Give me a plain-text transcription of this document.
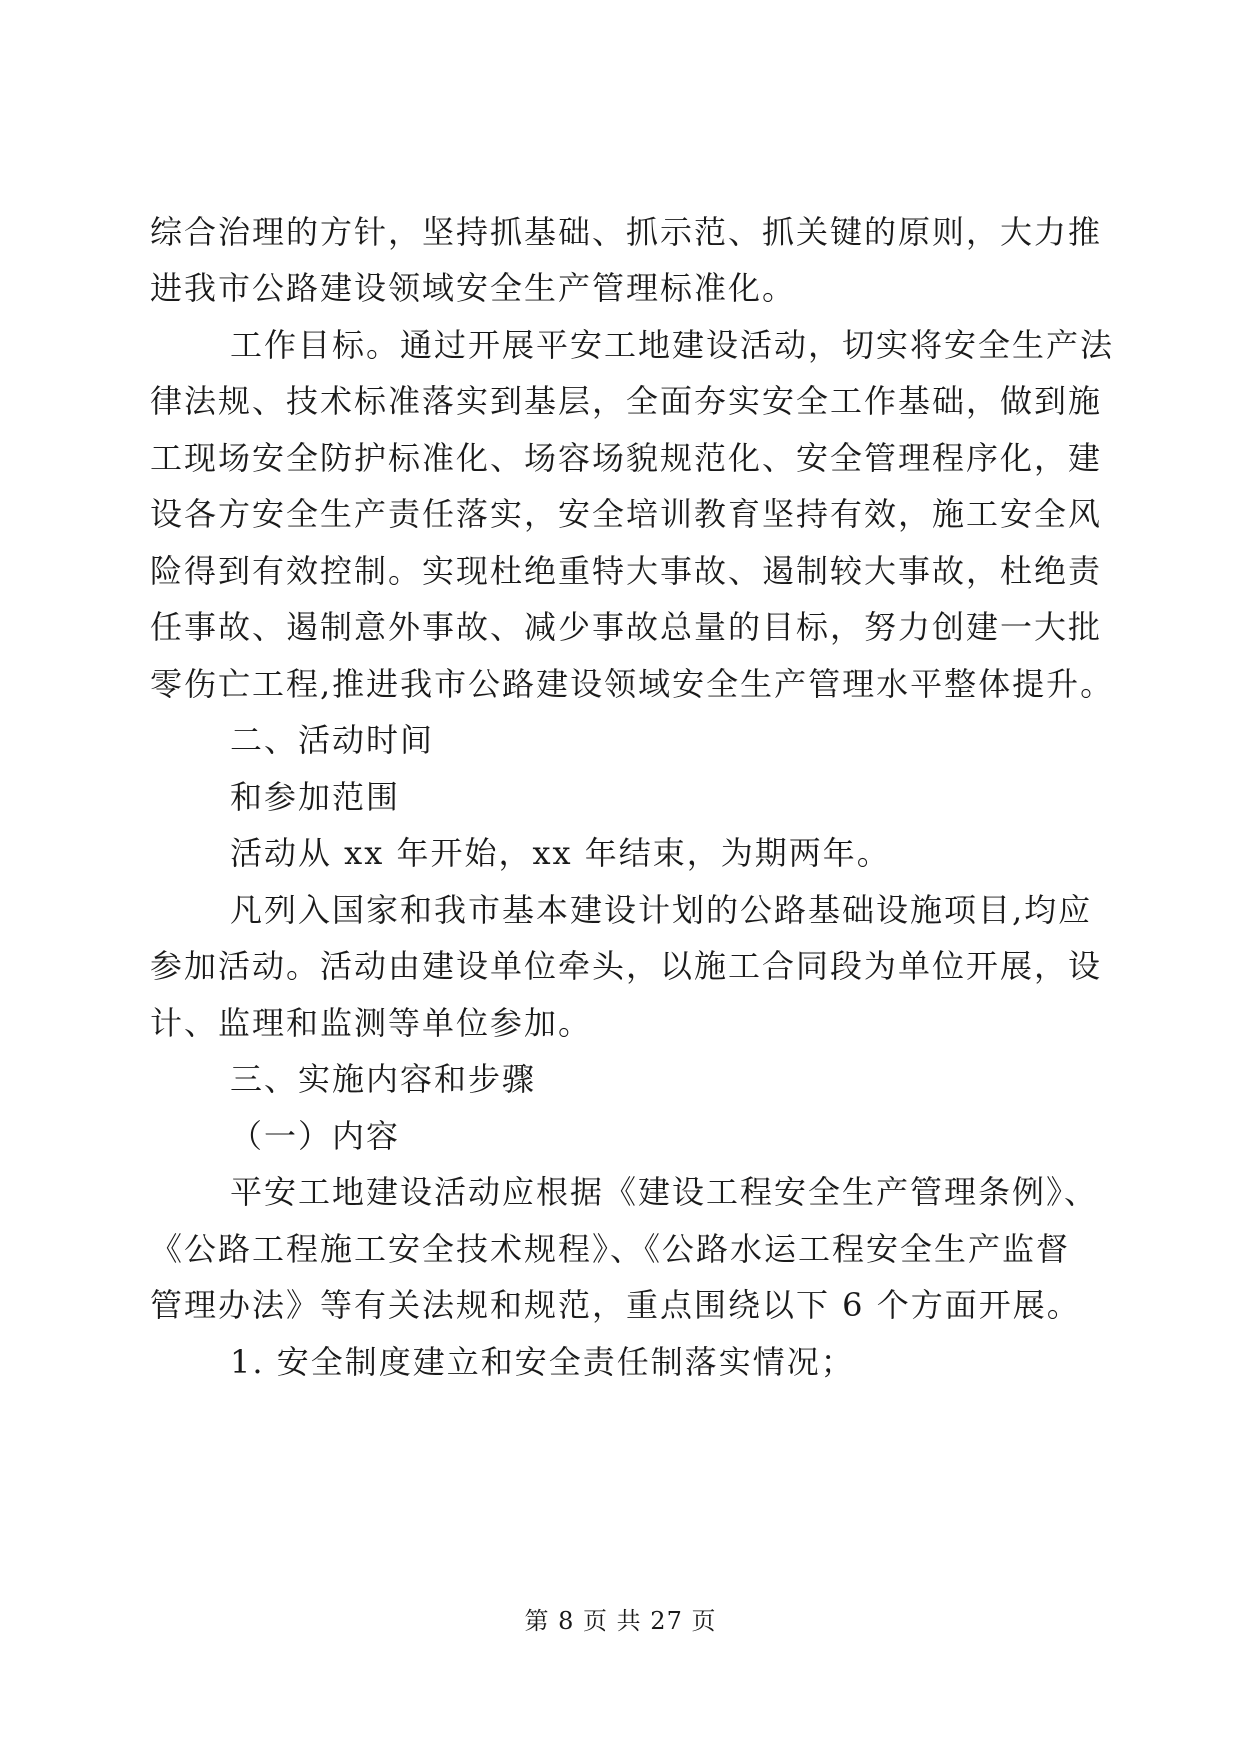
综合治理的方针，坚持抓基础、抓示范、抓关键的原则，大力推
进我市公路建设领域安全生产管理标准化。
工作目标。通过开展平安工地建设活动，切实将安全生产法
律法规、技术标准落实到基层，全面夯实安全工作基础，做到施
工现场安全防护标准化、场容场貌规范化、安全管理程序化，建
设各方安全生产责任落实，安全培训教育坚持有效，施工安全风
险得到有效控制。实现杜绝重特大事故、遏制较大事故，杜绝责
任事故、遏制意外事故、减少事故总量的目标，努力创建一大批
零伤亡工程,推进我市公路建设领域安全生产管理水平整体提升。
二、活动时间
和参加范围
活动从 xx 年开始，xx 年结束，为期两年。
凡列入国家和我市基本建设计划的公路基础设施项目,均应
参加活动。活动由建设单位牵头，以施工合同段为单位开展，设
计、监理和监测等单位参加。
三、实施内容和步骤
（一）内容
平安工地建设活动应根据《建设工程安全生产管理条例》、
《公路工程施工安全技术规程》、《公路水运工程安全生产监督
管理办法》等有关法规和规范，重点围绕以下 6 个方面开展。
1. 安全制度建立和安全责任制落实情况；
第 8 页 共 27 页
